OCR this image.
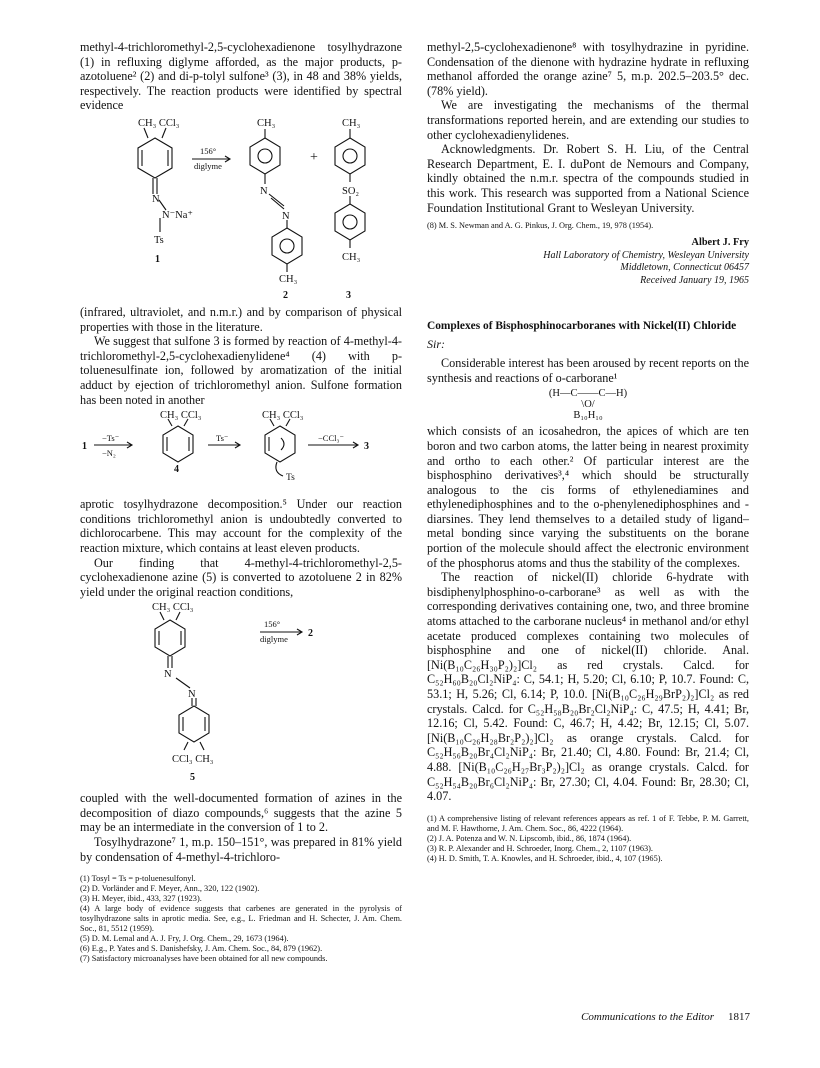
methyl-4-trichloromethyl-2,5-cyclohexadienone tosylhydrazone (1) in refluxing diglyme afforded, as the major products, p-azotoluene² (2) and di-p-tolyl sulfone³ (3), in 48 and 38% yields, respectively. The reaction products were identified by spectral evidence

CH₃ CCl₃
N
N⁻Na⁺
Ts
1
156°
diglyme
CH₃
N
N
CH₃
+
CH₃
SO₂
CH₃
2	3

(infrared, ultraviolet, and n.m.r.) and by comparison of physical properties with those in the literature.

We suggest that sulfone 3 is formed by reaction of 4-methyl-4-trichloromethyl-2,5-cyclohexadienylidene⁴ (4) with p-toluenesulfinate ion, followed by aromatization of the initial adduct by ejection of trichloromethyl anion. Sulfone formation has been noted in another

1
−Ts⁻
−N₂
CH₃ CCl₃
4
Ts⁻
CH₃ CCl₃
Ts
−CCl₃⁻
3

aprotic tosylhydrazone decomposition.⁵ Under our reaction conditions trichloromethyl anion is undoubtedly converted to dichlorocarbene. This may account for the complexity of the reaction mixture, which contains at least eleven products.

Our finding that 4-methyl-4-trichloromethyl-2,5-cyclohexadienone azine (5) is converted to azotoluene 2 in 82% yield under the original reaction conditions,

CH₃ CCl₃
156°
diglyme 2
N
N
CCl₃ CH₃
5

coupled with the well-documented formation of azines in the decomposition of diazo compounds,⁶ suggests that the azine 5 may be an intermediate in the conversion of 1 to 2.

Tosylhydrazone⁷ 1, m.p. 150–151°, was prepared in 81% yield by condensation of 4-methyl-4-trichloro-

(1) Tosyl = Ts = p-toluenesulfonyl.

(2) D. Vorländer and F. Meyer, Ann., 320, 122 (1902).

(3) H. Meyer, ibid., 433, 327 (1923).

(4) A large body of evidence suggests that carbenes are generated in the pyrolysis of tosylhydrazone salts in aprotic media. See, e.g., L. Friedman and H. Schecter, J. Am. Chem. Soc., 81, 5512 (1959).

(5) D. M. Lemal and A. J. Fry, J. Org. Chem., 29, 1673 (1964).

(6) E.g., P. Yates and S. Danishefsky, J. Am. Chem. Soc., 84, 879 (1962).

(7) Satisfactory microanalyses have been obtained for all new compounds.

methyl-2,5-cyclohexadienone⁸ with tosylhydrazine in pyridine. Condensation of the dienone with hydrazine hydrate in refluxing methanol afforded the orange azine⁷ 5, m.p. 202.5–203.5° dec. (78% yield).

We are investigating the mechanisms of the thermal transformations reported herein, and are extending our studies to other cyclohexadienylidenes.

Acknowledgments. Dr. Robert S. H. Liu, of the Central Research Department, E. I. duPont de Nemours and Company, kindly obtained the n.m.r. spectra of the compounds studied in this work. This research was supported from a National Science Foundation Institutional Grant to Wesleyan University.

(8) M. S. Newman and A. G. Pinkus, J. Org. Chem., 19, 978 (1954).

Albert J. Fry
Hall Laboratory of Chemistry, Wesleyan University
Middletown, Connecticut 06457
Received January 19, 1965
Complexes of Bisphosphinocarboranes with Nickel(II) Chloride
Sir:

Considerable interest has been aroused by recent reports on the synthesis and reactions of o-carborane¹

(H—C——C—H)
\O/
B₁₀H₁₀

which consists of an icosahedron, the apices of which are ten boron and two carbon atoms, the latter being in nearest proximity and ortho to each other.² Of particular interest are the bisphosphino derivatives³,⁴ which should be structurally analogous to the cis forms of ethylenediamines and ethylenediphosphines and to the o-phenylenediphosphines and -diarsines. They lend themselves to a detailed study of ligand–metal bonding since varying the substituents on the borane portion of the molecule should affect the electronic environment of the phosphorus atoms and thus the stability of the complexes.

The reaction of nickel(II) chloride 6-hydrate with bisdiphenylphosphino-o-carborane³ as well as with the corresponding derivatives containing one, two, and three bromine atoms attached to the carborane nucleus⁴ in methanol and/or ethyl acetate produced complexes containing two molecules of bisphosphine and one of nickel(II) chloride. Anal. [Ni(B₁₀C₂₆H₃₀P₂)₂]Cl₂ as red crystals. Calcd. for C₅₂H₆₀B₂₀Cl₂NiP₄: C, 54.1; H, 5.20; Cl, 6.10; P, 10.7. Found: C, 53.1; H, 5.26; Cl, 6.14; P, 10.0. [Ni(B₁₀C₂₆H₂₉BrP₂)₂]Cl₂ as red crystals. Calcd. for C₅₂H₅₈B₂₀Br₂Cl₂NiP₄: C, 47.5; H, 4.41; Br, 12.16; Cl, 5.42. Found: C, 46.7; H, 4.42; Br, 12.15; Cl, 5.07. [Ni(B₁₀C₂₆H₂₈Br₂P₂)₂]Cl₂ as orange crystals. Calcd. for C₅₂H₅₆B₂₀Br₄Cl₂NiP₄: Br, 21.40; Cl, 4.80. Found: Br, 21.4; Cl, 4.88. [Ni(B₁₀C₂₆H₂₇Br₃P₂)₂]Cl₂ as orange crystals. Calcd. for C₅₂H₅₄B₂₀Br₆Cl₂NiP₄: Br, 27.30; Cl, 4.04. Found: Br, 28.30; Cl, 4.07.

(1) A comprehensive listing of relevant references appears as ref. 1 of F. Tebbe, P. M. Garrett, and M. F. Hawthorne, J. Am. Chem. Soc., 86, 4222 (1964).

(2) J. A. Potenza and W. N. Lipscomb, ibid., 86, 1874 (1964).

(3) R. P. Alexander and H. Schroeder, Inorg. Chem., 2, 1107 (1963).

(4) H. D. Smith, T. A. Knowles, and H. Schroeder, ibid., 4, 107 (1965).

Communications to the Editor 1817
